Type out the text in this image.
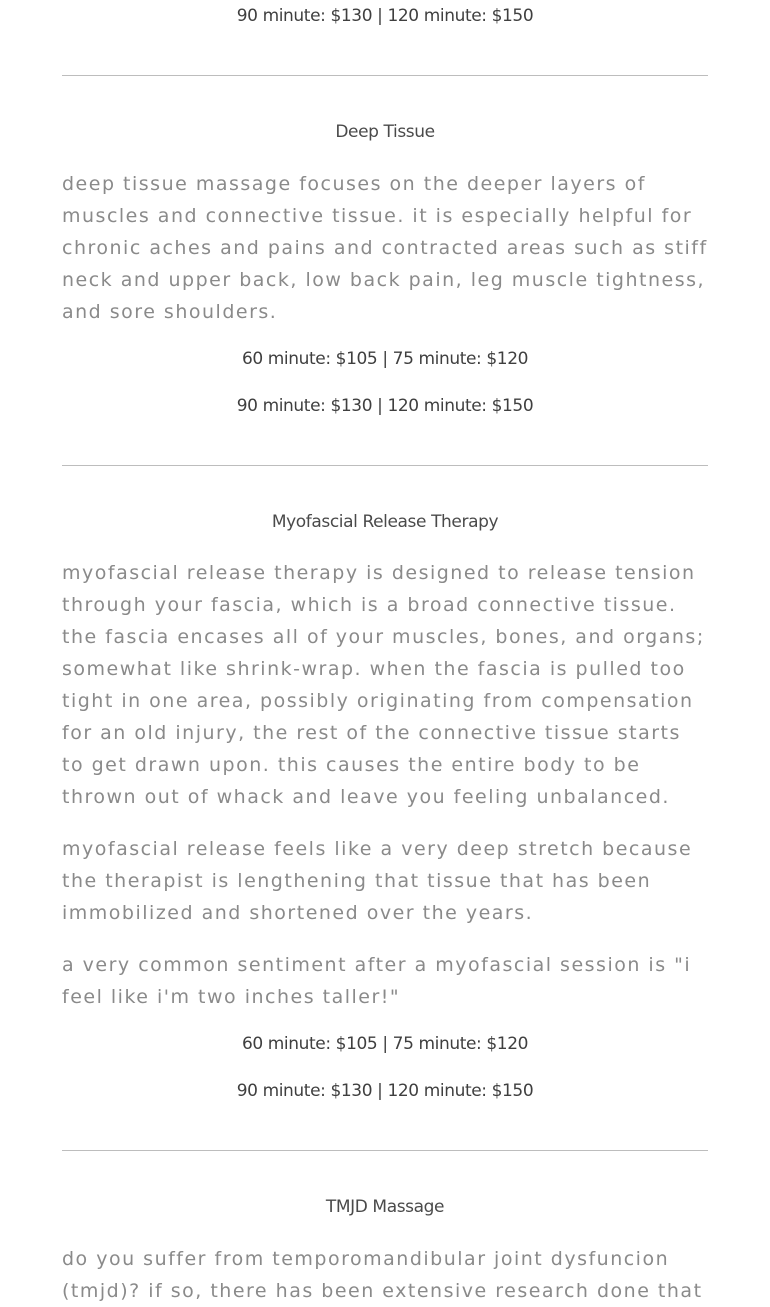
90 minute: $130 | 120 minute: $150

Deep Tissue

deep tissue massage focuses on the deeper layers of muscles and connective tissue. it is especially helpful for chronic aches and pains and contracted areas such as stiff neck and upper back, low back pain, leg muscle tightness, and sore shoulders.

60 minute: $105 | 75 minute: $120

90 minute: $130 | 120 minute: $150

Myofascial Release Therapy

myofascial release therapy is designed to release tension through your fascia, which is a broad connective tissue. the fascia encases all of your muscles, bones, and organs; somewhat like shrink-wrap. when the fascia is pulled too tight in one area, possibly originating from compensation for an old injury, the rest of the connective tissue starts to get drawn upon. this causes the entire body to be thrown out of whack and leave you feeling unbalanced.

myofascial release feels like a very deep stretch because the therapist is lengthening that tissue that has been immobilized and shortened over the years.

a very common sentiment after a myofascial session is "i feel like i'm two inches taller!"

60 minute: $105 | 75 minute: $120

90 minute: $130 | 120 minute: $150

TMJD Massage

do you suffer from temporomandibular joint dysfuncion (tmjd)? if so, there has been extensive research done that
